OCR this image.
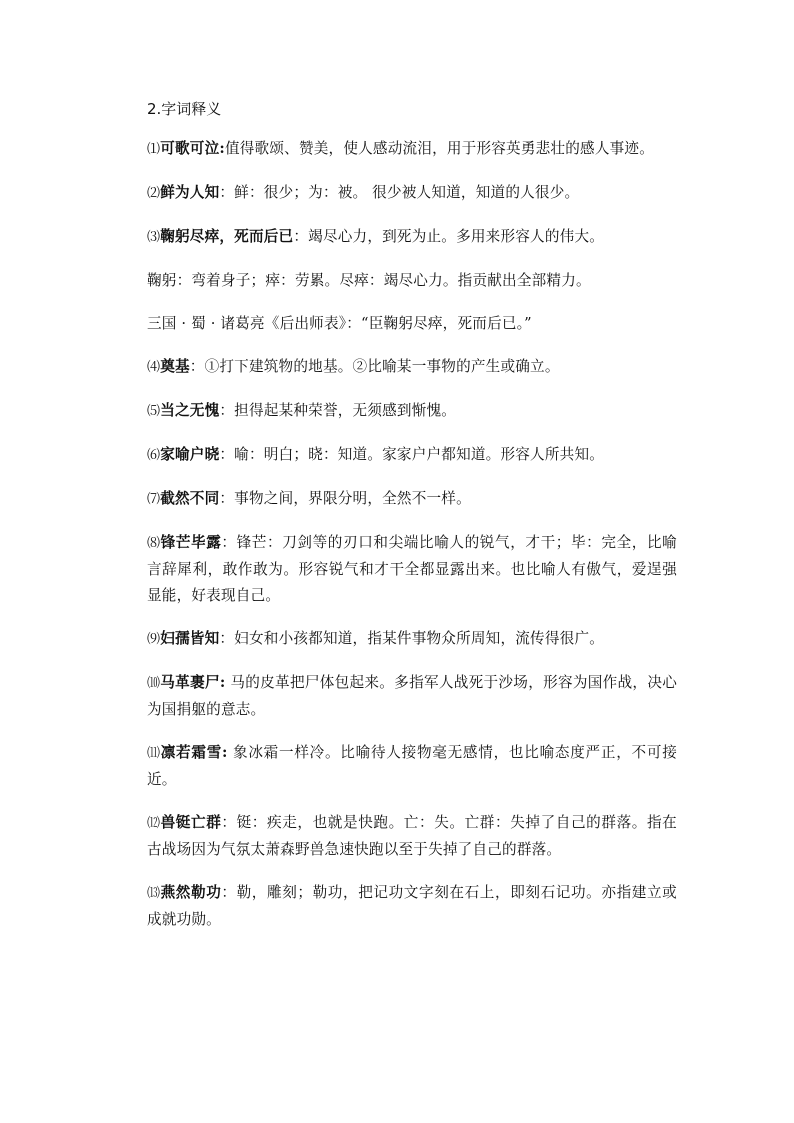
2.字词释义
⑴可歌可泣:值得歌颂、赞美，使人感动流泪，用于形容英勇悲壮的感人事迹。
⑵鲜为人知：鲜：很少；为：被。 很少被人知道，知道的人很少。
⑶鞠躬尽瘁，死而后已：竭尽心力，到死为止。多用来形容人的伟大。
鞠躬：弯着身子；瘁：劳累。尽瘁：竭尽心力。指贡献出全部精力。
三国 · 蜀 · 诸葛亮《后出师表》：“臣鞠躬尽瘁，死而后已。”
⑷奠基：①打下建筑物的地基。②比喻某一事物的产生或确立。
⑸当之无愧：担得起某种荣誉，无须感到惭愧。
⑹家喻户晓：喻：明白；晓：知道。家家户户都知道。形容人所共知。
⑺截然不同：事物之间，界限分明，全然不一样。
⑻锋芒毕露：锋芒：刀剑等的刃口和尖端比喻人的锐气，才干；毕：完全，比喻言辞犀利，敢作敢为。形容锐气和才干全都显露出来。也比喻人有傲气，爱逞强显能，好表现自己。
⑼妇孺皆知：妇女和小孩都知道，指某件事物众所周知，流传得很广。
⑽马革裹尸: 马的皮革把尸体包起来。多指军人战死于沙场，形容为国作战，决心为国捐躯的意志。
⑾凛若霜雪: 象冰霜一样冷。比喻待人接物毫无感情，也比喻态度严正，不可接近。
⑿兽铤亡群：铤：疾走，也就是快跑。亡：失。亡群：失掉了自己的群落。指在古战场因为气氛太萧森野兽急速快跑以至于失掉了自己的群落。
⒀燕然勒功：勒，雕刻；勒功，把记功文字刻在石上，即刻石记功。亦指建立或成就功勋。
